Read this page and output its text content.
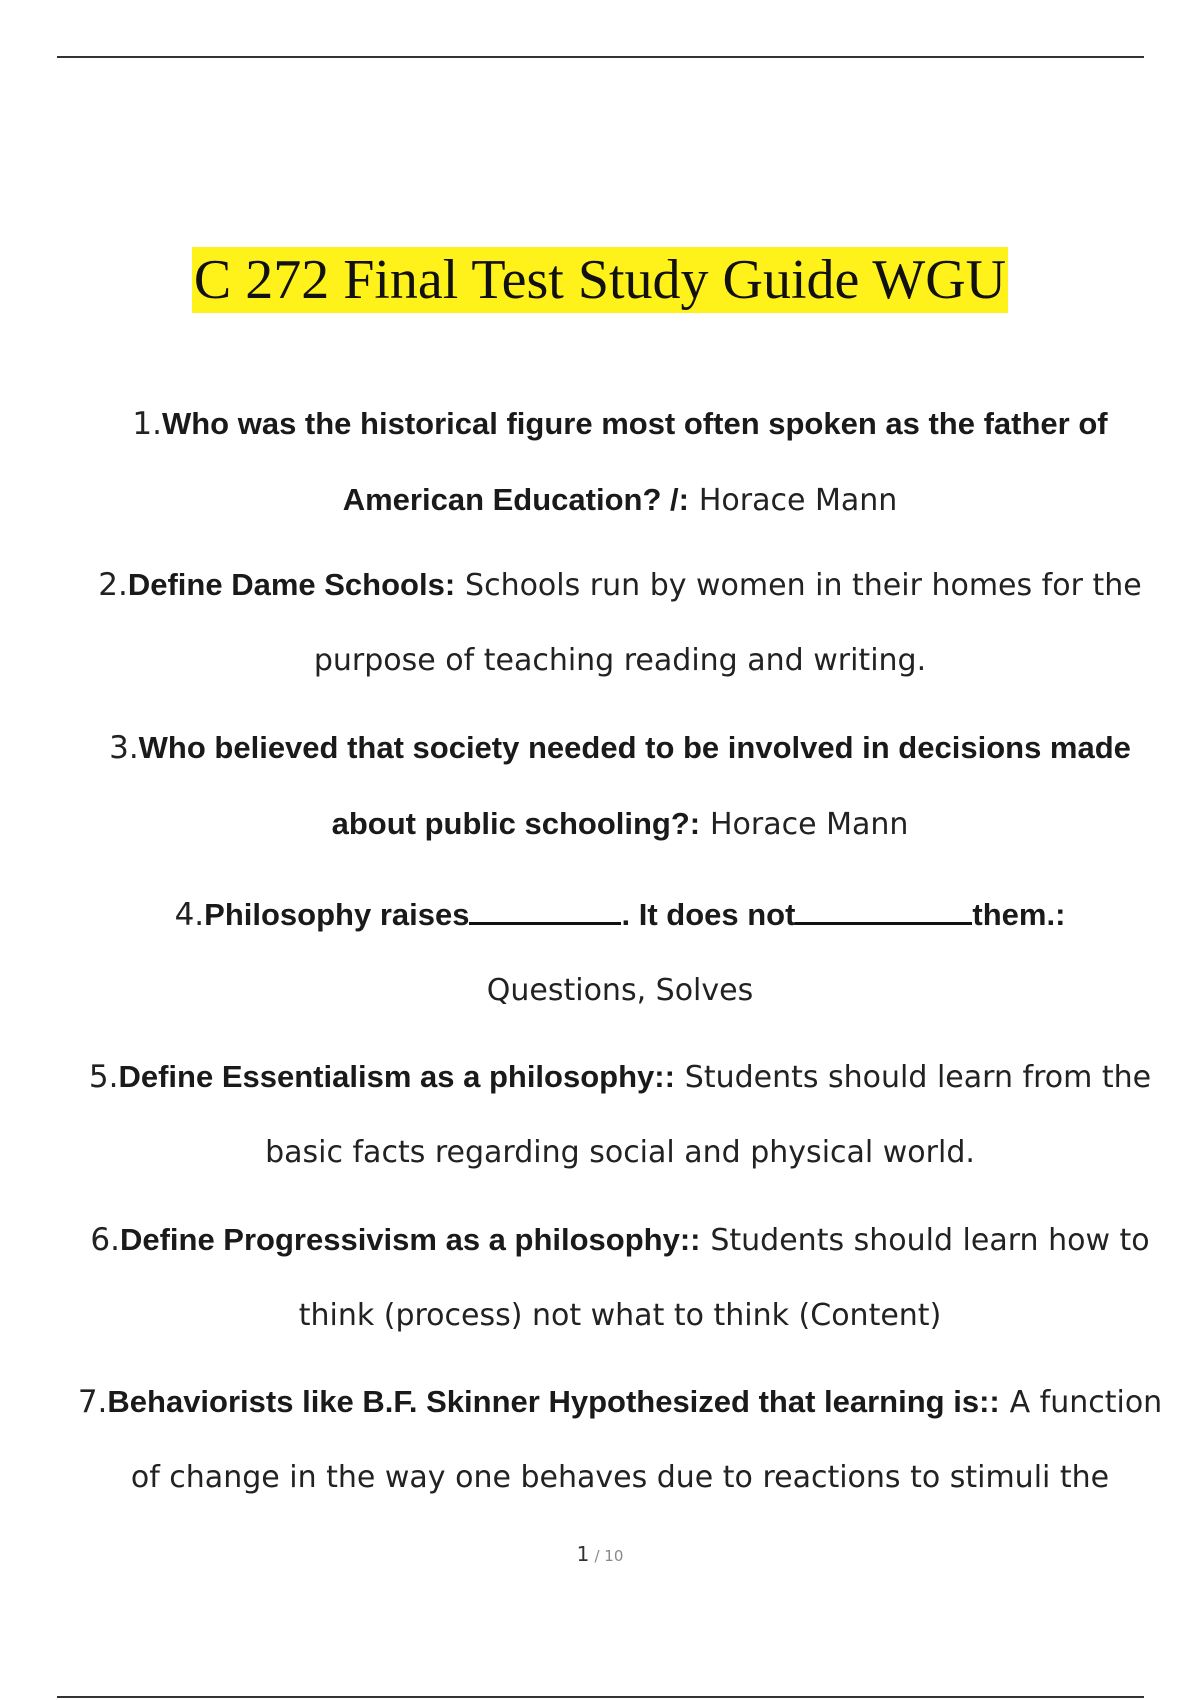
C 272 Final Test Study Guide WGU
1.Who was the historical figure most often spoken as the father of
American Education? /: Horace Mann
2.Define Dame Schools: Schools run by women in their homes for the
purpose of teaching reading and writing.
3.Who believed that society needed to be involved in decisions made
about public schooling?: Horace Mann
4.Philosophy raises	. It does not	them.:
Questions, Solves
5.Define Essentialism as a philosophy:: Students should learn from the
basic facts regarding social and physical world.
6.Define Progressivism as a philosophy:: Students should learn how to
think (process) not what to think (Content)
7.Behaviorists like B.F. Skinner Hypothesized that learning is:: A function
of change in the way one behaves due to reactions to stimuli the
1 / 10
